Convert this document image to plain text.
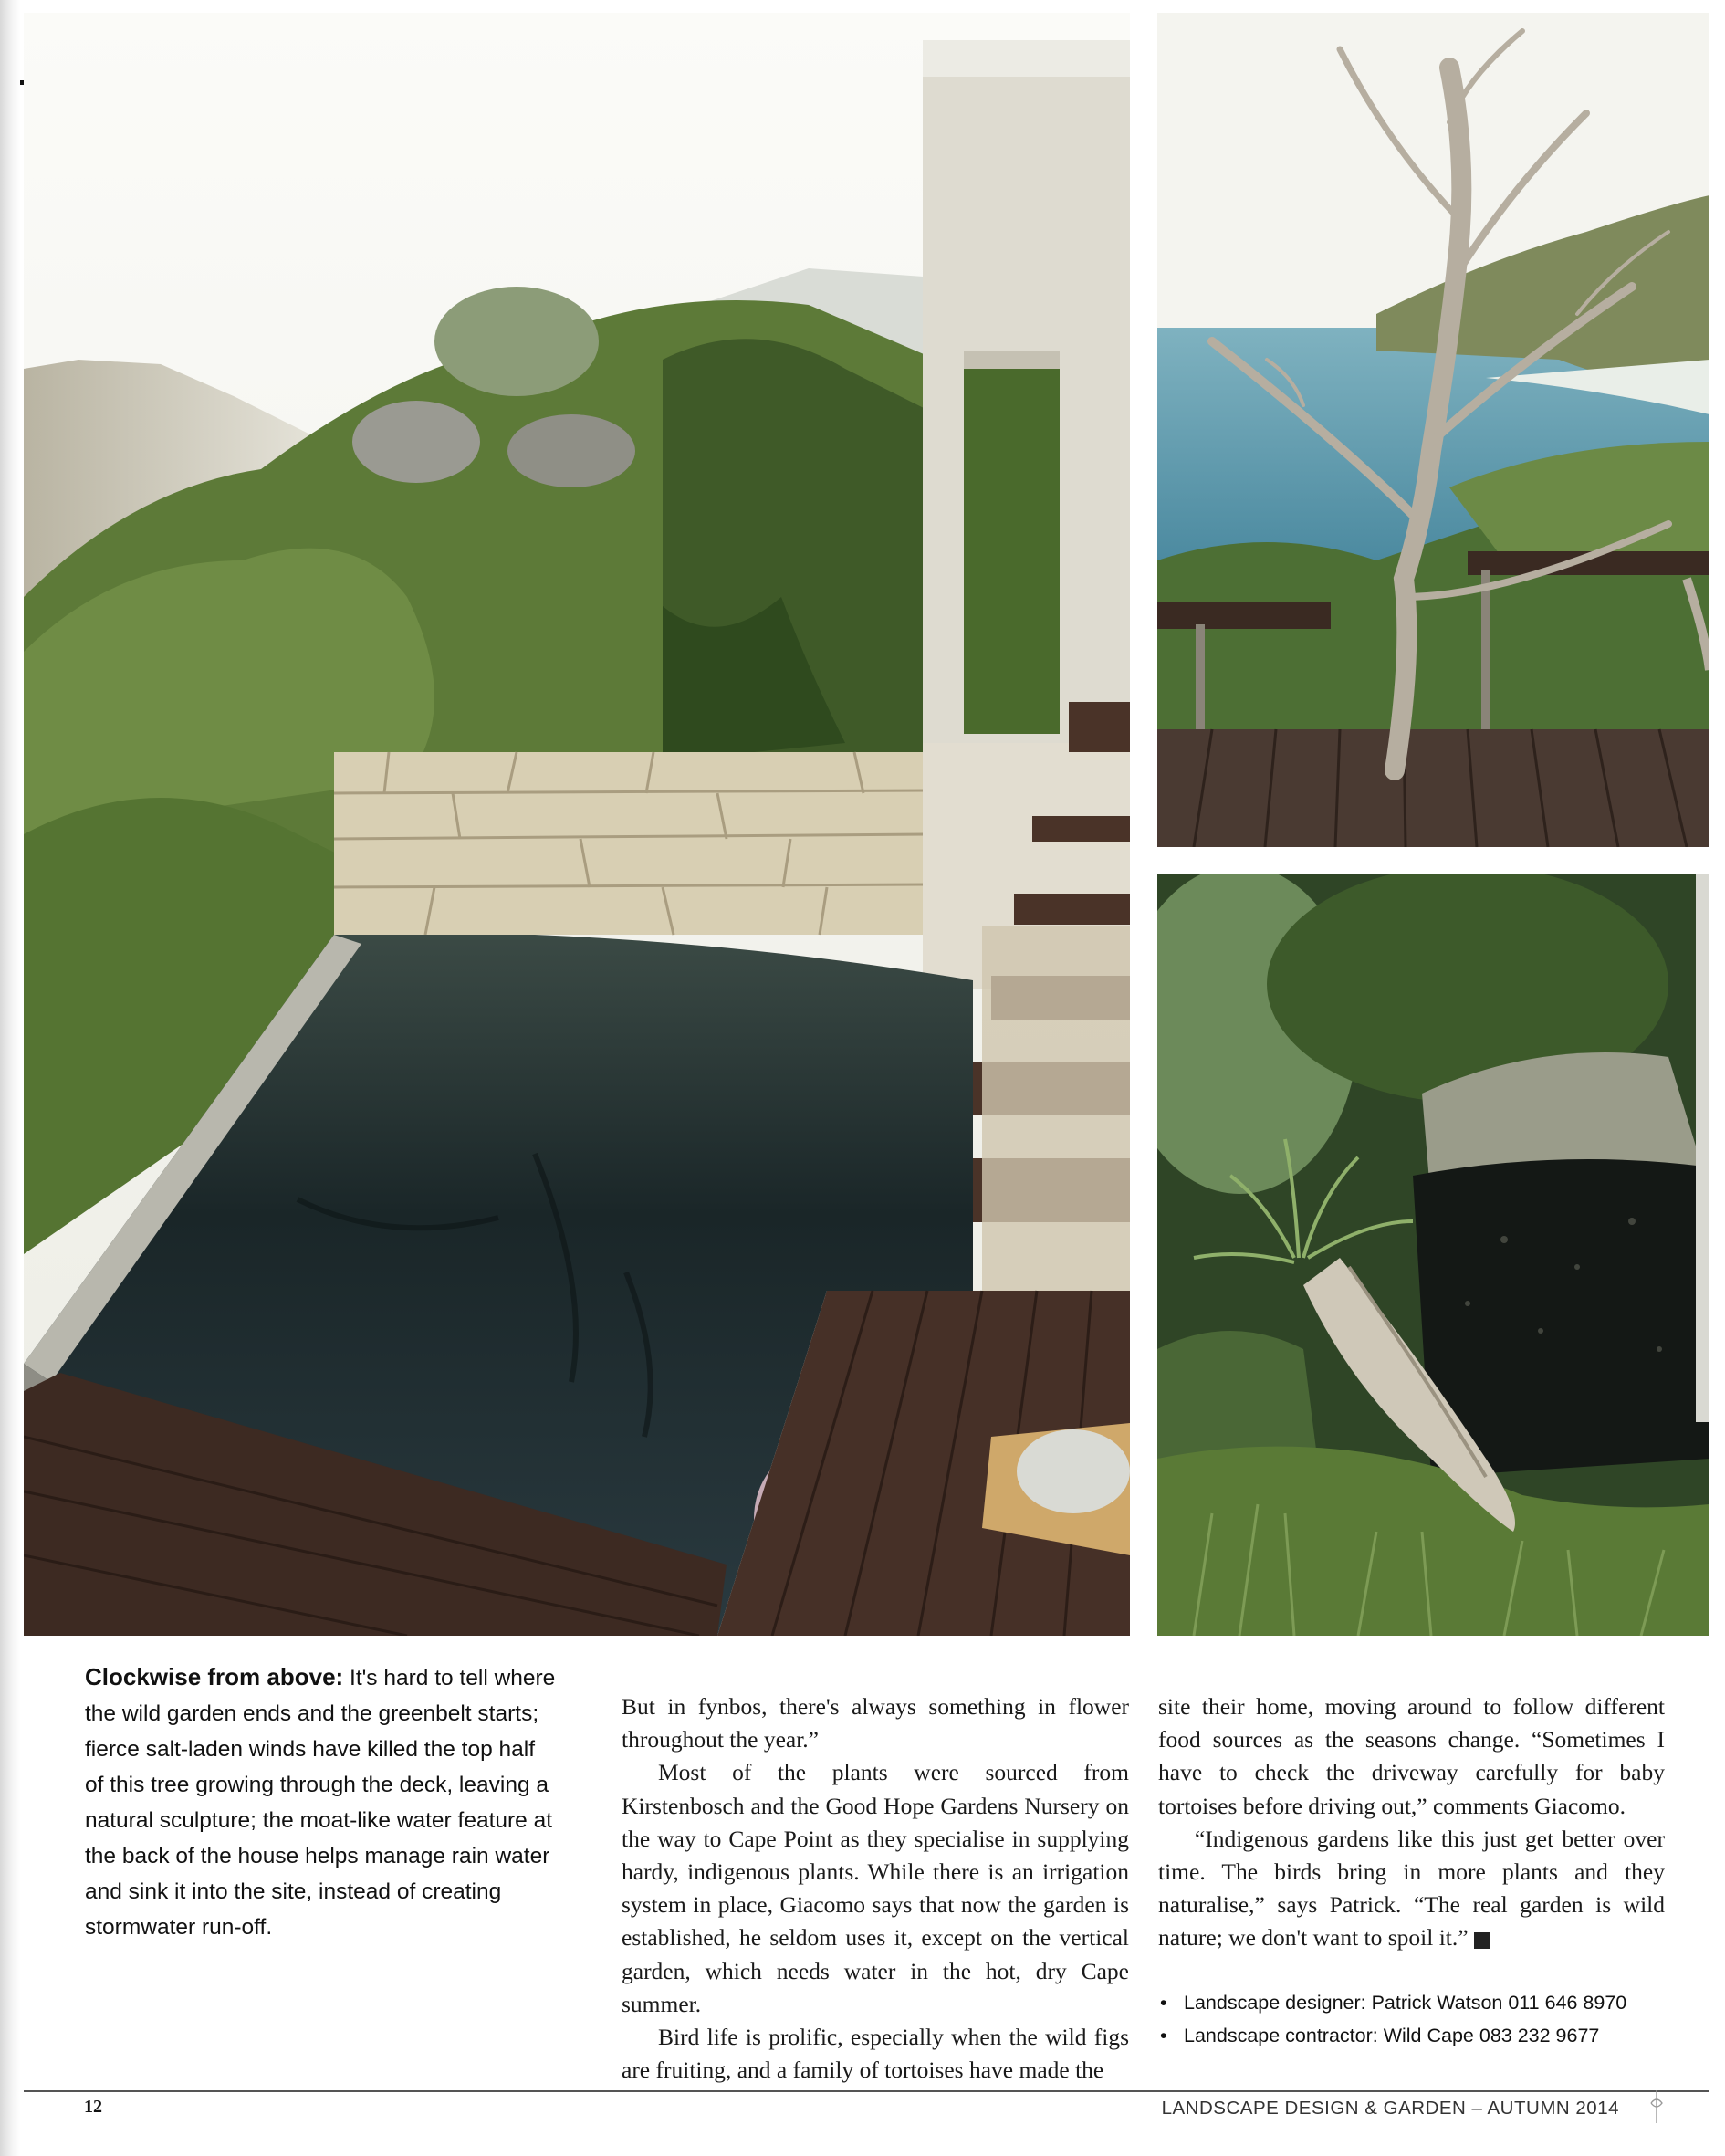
Clockwise from above: It's hard to tell where the wild garden ends and the greenbelt starts; fierce salt-laden winds have killed the top half of this tree growing through the deck, leaving a natural sculpture; the moat-like water feature at the back of the house helps manage rain water and sink it into the site, instead of creating stormwater run-off.

But in fynbos, there's always something in flower throughout the year.”

Most of the plants were sourced from Kirstenbosch and the Good Hope Gardens Nursery on the way to Cape Point as they specialise in supplying hardy, indigenous plants. While there is an irrigation system in place, Giacomo says that now the garden is established, he seldom uses it, except on the vertical garden, which needs water in the hot, dry Cape summer.

Bird life is prolific, especially when the wild figs are fruiting, and a family of tortoises have made the

site their home, moving around to follow different food sources as the seasons change. “Sometimes I have to check the driveway carefully for baby tortoises before driving out,” comments Giacomo.

“Indigenous gardens like this just get better over time. The birds bring in more plants and they naturalise,” says Patrick. “The real garden is wild nature; we don't want to spoil it.”	LG

• Landscape designer: Patrick Watson 011 646 8970
• Landscape contractor: Wild Cape 083 232 9677
12	LANDSCAPE DESIGN & GARDEN – AUTUMN 2014
